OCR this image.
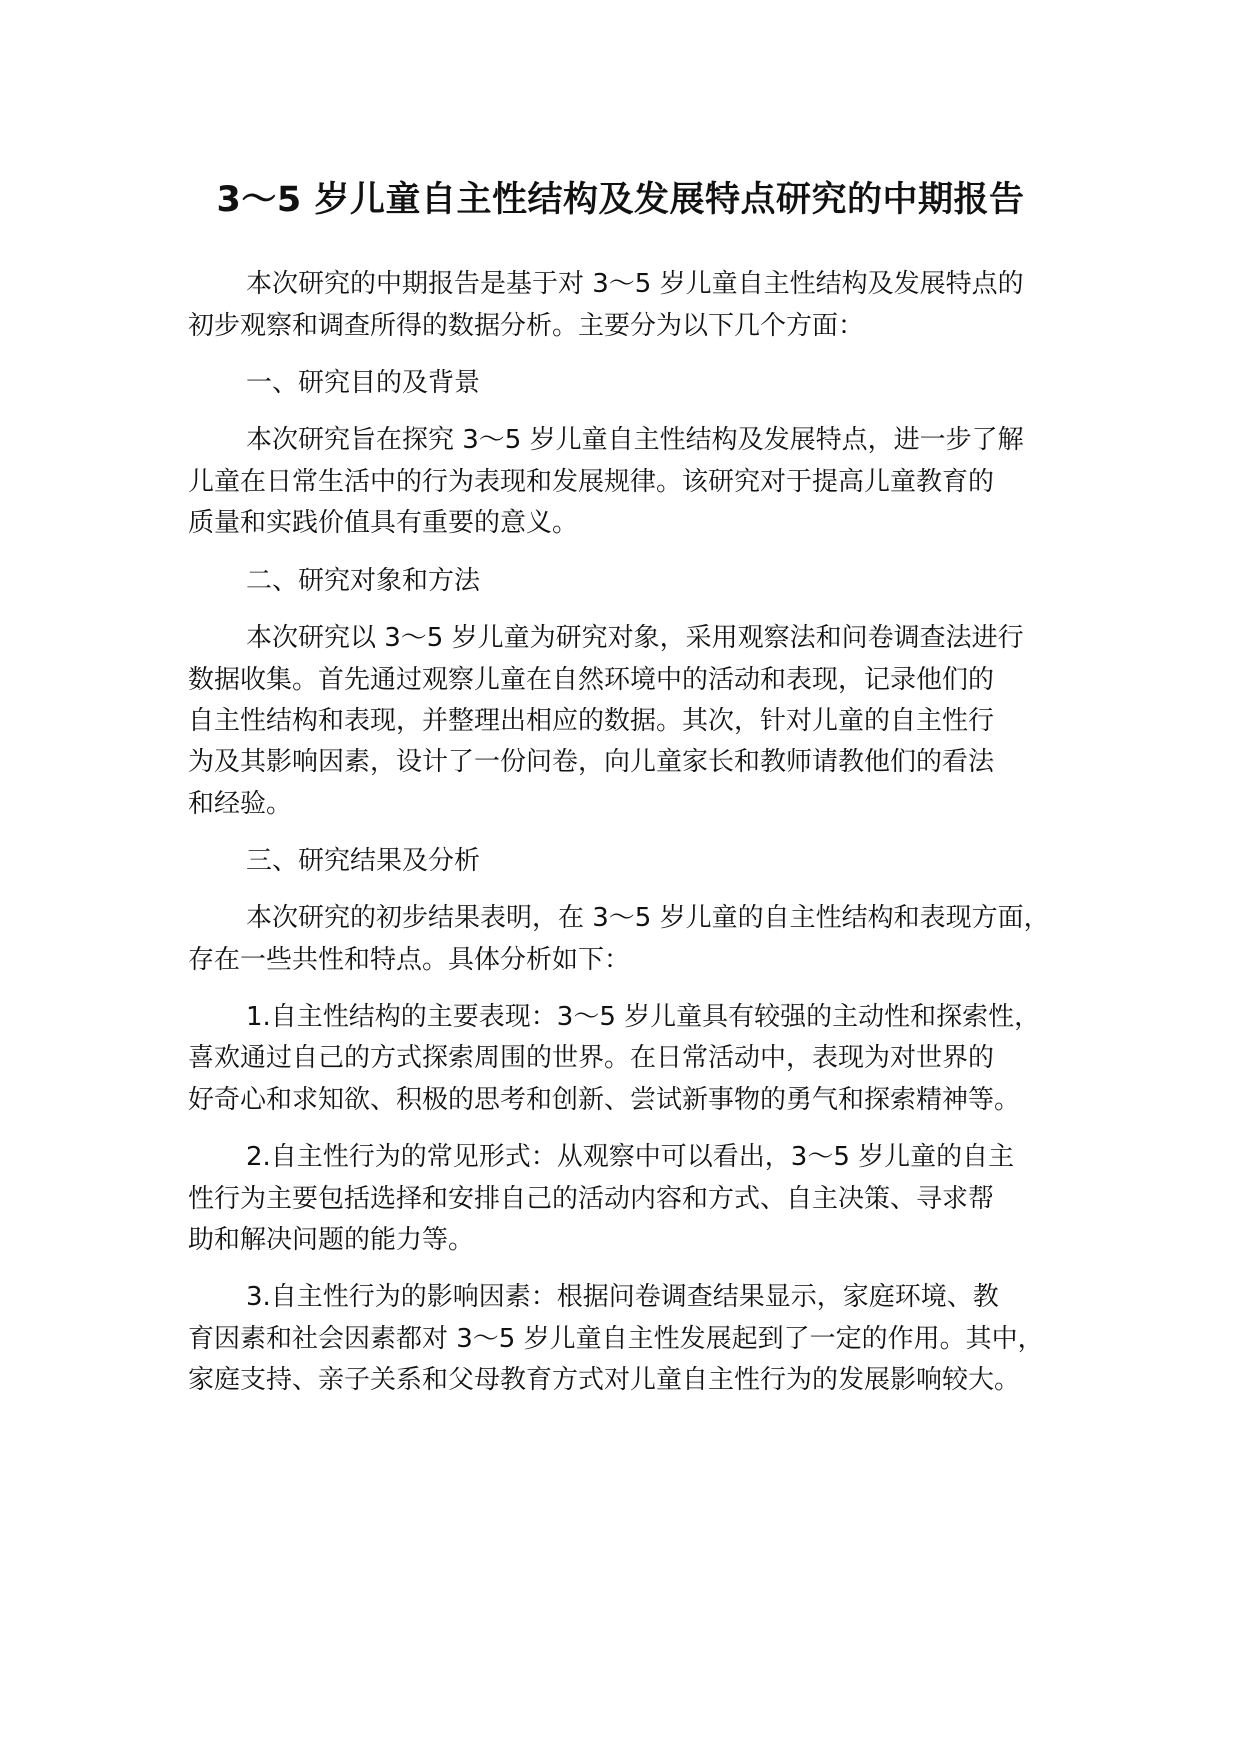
3～5 岁儿童自主性结构及发展特点研究的中期报告

本次研究的中期报告是基于对 3～5 岁儿童自主性结构及发展特点的

初步观察和调查所得的数据分析。主要分为以下几个方面：

一、研究目的及背景

本次研究旨在探究 3～5 岁儿童自主性结构及发展特点，进一步了解

儿童在日常生活中的行为表现和发展规律。该研究对于提高儿童教育的

质量和实践价值具有重要的意义。

二、研究对象和方法

本次研究以 3～5 岁儿童为研究对象，采用观察法和问卷调查法进行

数据收集。首先通过观察儿童在自然环境中的活动和表现，记录他们的

自主性结构和表现，并整理出相应的数据。其次，针对儿童的自主性行

为及其影响因素，设计了一份问卷，向儿童家长和教师请教他们的看法

和经验。

三、研究结果及分析

本次研究的初步结果表明，在 3～5 岁儿童的自主性结构和表现方面，

存在一些共性和特点。具体分析如下：

1.自主性结构的主要表现：3～5 岁儿童具有较强的主动性和探索性，

喜欢通过自己的方式探索周围的世界。在日常活动中，表现为对世界的

好奇心和求知欲、积极的思考和创新、尝试新事物的勇气和探索精神等。

2.自主性行为的常见形式：从观察中可以看出，3～5 岁儿童的自主

性行为主要包括选择和安排自己的活动内容和方式、自主决策、寻求帮

助和解决问题的能力等。

3.自主性行为的影响因素：根据问卷调查结果显示，家庭环境、教

育因素和社会因素都对 3～5 岁儿童自主性发展起到了一定的作用。其中，

家庭支持、亲子关系和父母教育方式对儿童自主性行为的发展影响较大。
